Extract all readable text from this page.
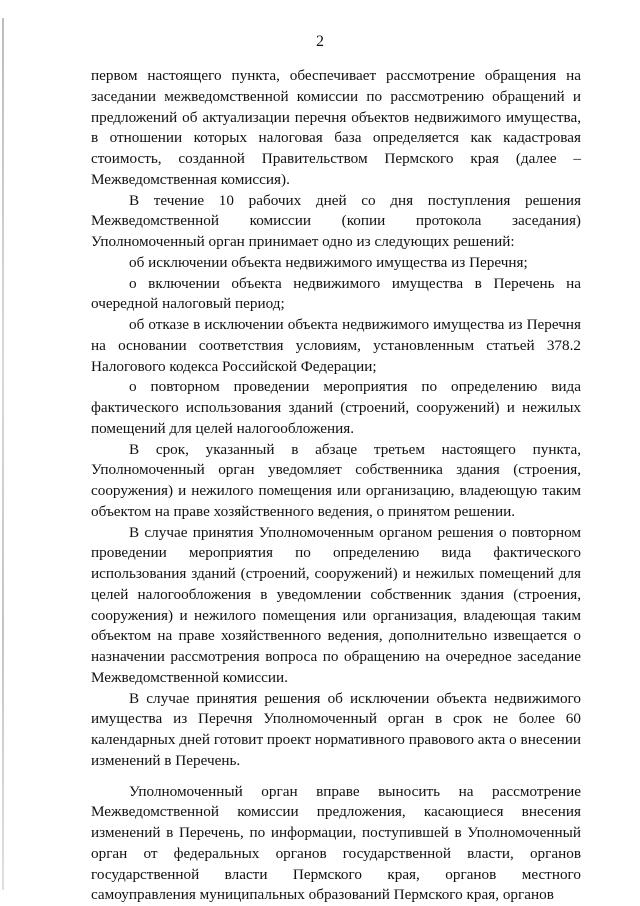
2

первом настоящего пункта, обеспечивает рассмотрение обращения на заседании межведомственной комиссии по рассмотрению обращений и предложений об актуализации перечня объектов недвижимого имущества, в отношении которых налоговая база определяется как кадастровая стоимость, созданной Правительством Пермского края (далее – Межведомственная комиссия).

В течение 10 рабочих дней со дня поступления решения Межведомственной комиссии (копии протокола заседания) Уполномоченный орган принимает одно из следующих решений:

об исключении объекта недвижимого имущества из Перечня;

о включении объекта недвижимого имущества в Перечень на очередной налоговый период;

об отказе в исключении объекта недвижимого имущества из Перечня на основании соответствия условиям, установленным статьей 378.2 Налогового кодекса Российской Федерации;

о повторном проведении мероприятия по определению вида фактического использования зданий (строений, сооружений) и нежилых помещений для целей налогообложения.

В срок, указанный в абзаце третьем настоящего пункта, Уполномоченный орган уведомляет собственника здания (строения, сооружения) и нежилого помещения или организацию, владеющую таким объектом на праве хозяйственного ведения, о принятом решении.

В случае принятия Уполномоченным органом решения о повторном проведении мероприятия по определению вида фактического использования зданий (строений, сооружений) и нежилых помещений для целей налогообложения в уведомлении собственник здания (строения, сооружения) и нежилого помещения или организация, владеющая таким объектом на праве хозяйственного ведения, дополнительно извещается о назначении рассмотрения вопроса по обращению на очередное заседание Межведомственной комиссии.

В случае принятия решения об исключении объекта недвижимого имущества из Перечня Уполномоченный орган в срок не более 60 календарных дней готовит проект нормативного правового акта о внесении изменений в Перечень.

Уполномоченный орган вправе выносить на рассмотрение Межведомственной комиссии предложения, касающиеся внесения изменений в Перечень, по информации, поступившей в Уполномоченный орган от федеральных органов государственной власти, органов государственной власти Пермского края, органов местного самоуправления муниципальных образований Пермского края, органов
